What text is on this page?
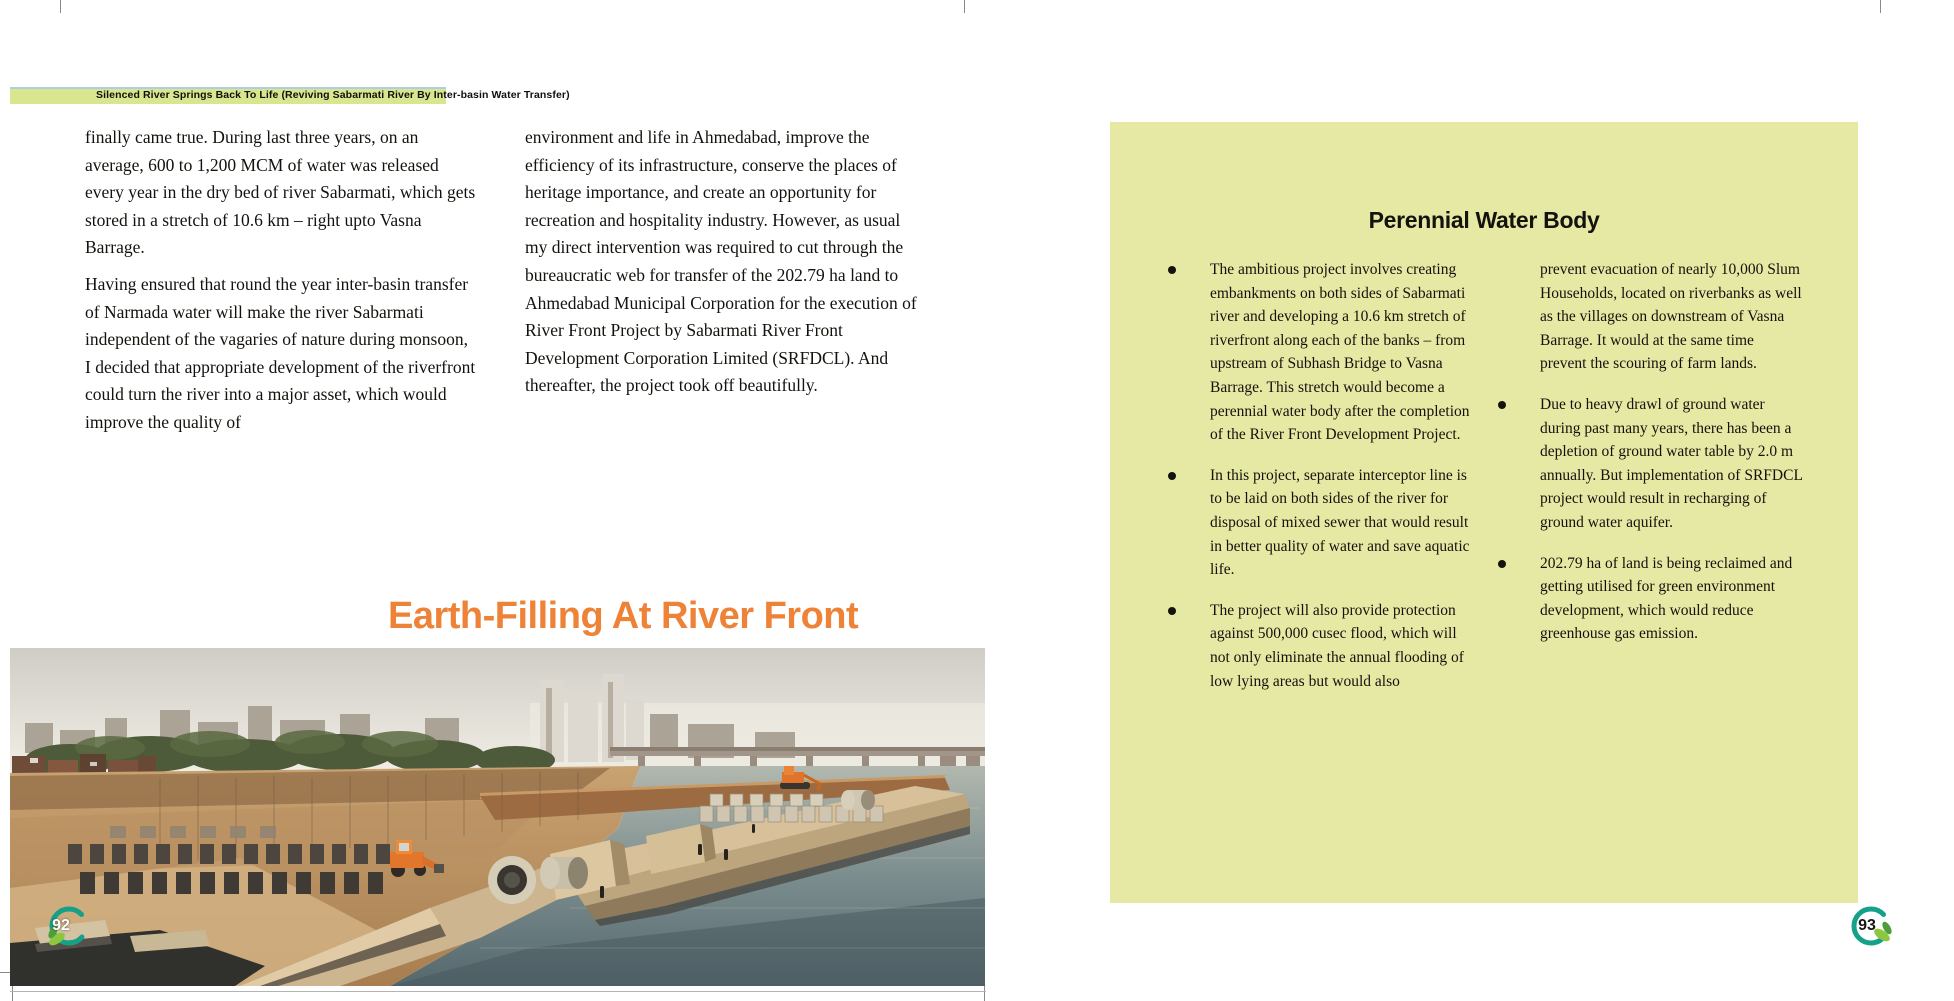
Silenced River Springs Back To Life (Reviving Sabarmati River By Inter-basin Water Transfer)

finally came true. During last three years, on an average, 600 to 1,200 MCM of water was released every year in the dry bed of river Sabarmati, which gets stored in a stretch of 10.6 km – right upto Vasna Barrage.

Having ensured that round the year inter-basin transfer of Narmada water will make the river Sabarmati independent of the vagaries of nature during monsoon, I decided that appropriate development of the riverfront could turn the river into a major asset, which would improve the quality of

environment and life in Ahmedabad, improve the efficiency of its infrastructure, conserve the places of heritage importance, and create an opportunity for recreation and hospitality industry. However, as usual my direct intervention was required to cut through the bureaucratic web for transfer of the 202.79 ha land to Ahmedabad Municipal Corporation for the execution of River Front Project by Sabarmati River Front Development Corporation Limited (SRFDCL). And thereafter, the project took off beautifully.

Earth-Filling At River Front
92
Perennial Water Body

The ambitious project involves creating embankments on both sides of Sabarmati river and developing a 10.6 km stretch of riverfront along each of the banks – from upstream of Subhash Bridge to Vasna Barrage. This stretch would become a perennial water body after the completion of the River Front Development Project.

In this project, separate interceptor line is to be laid on both sides of the river for disposal of mixed sewer that would result in better quality of water and save aquatic life.

The project will also provide protection against 500,000 cusec flood, which will not only eliminate the annual flooding of low lying areas but would also

prevent evacuation of nearly 10,000 Slum Households, located on riverbanks as well as the villages on downstream of Vasna Barrage. It would at the same time prevent the scouring of farm lands.

Due to heavy drawl of ground water during past many years, there has been a depletion of ground water table by 2.0 m annually. But implementation of SRFDCL project would result in recharging of ground water aquifer.

202.79 ha of land is being reclaimed and getting utilised for green environment development, which would reduce greenhouse gas emission.

93
